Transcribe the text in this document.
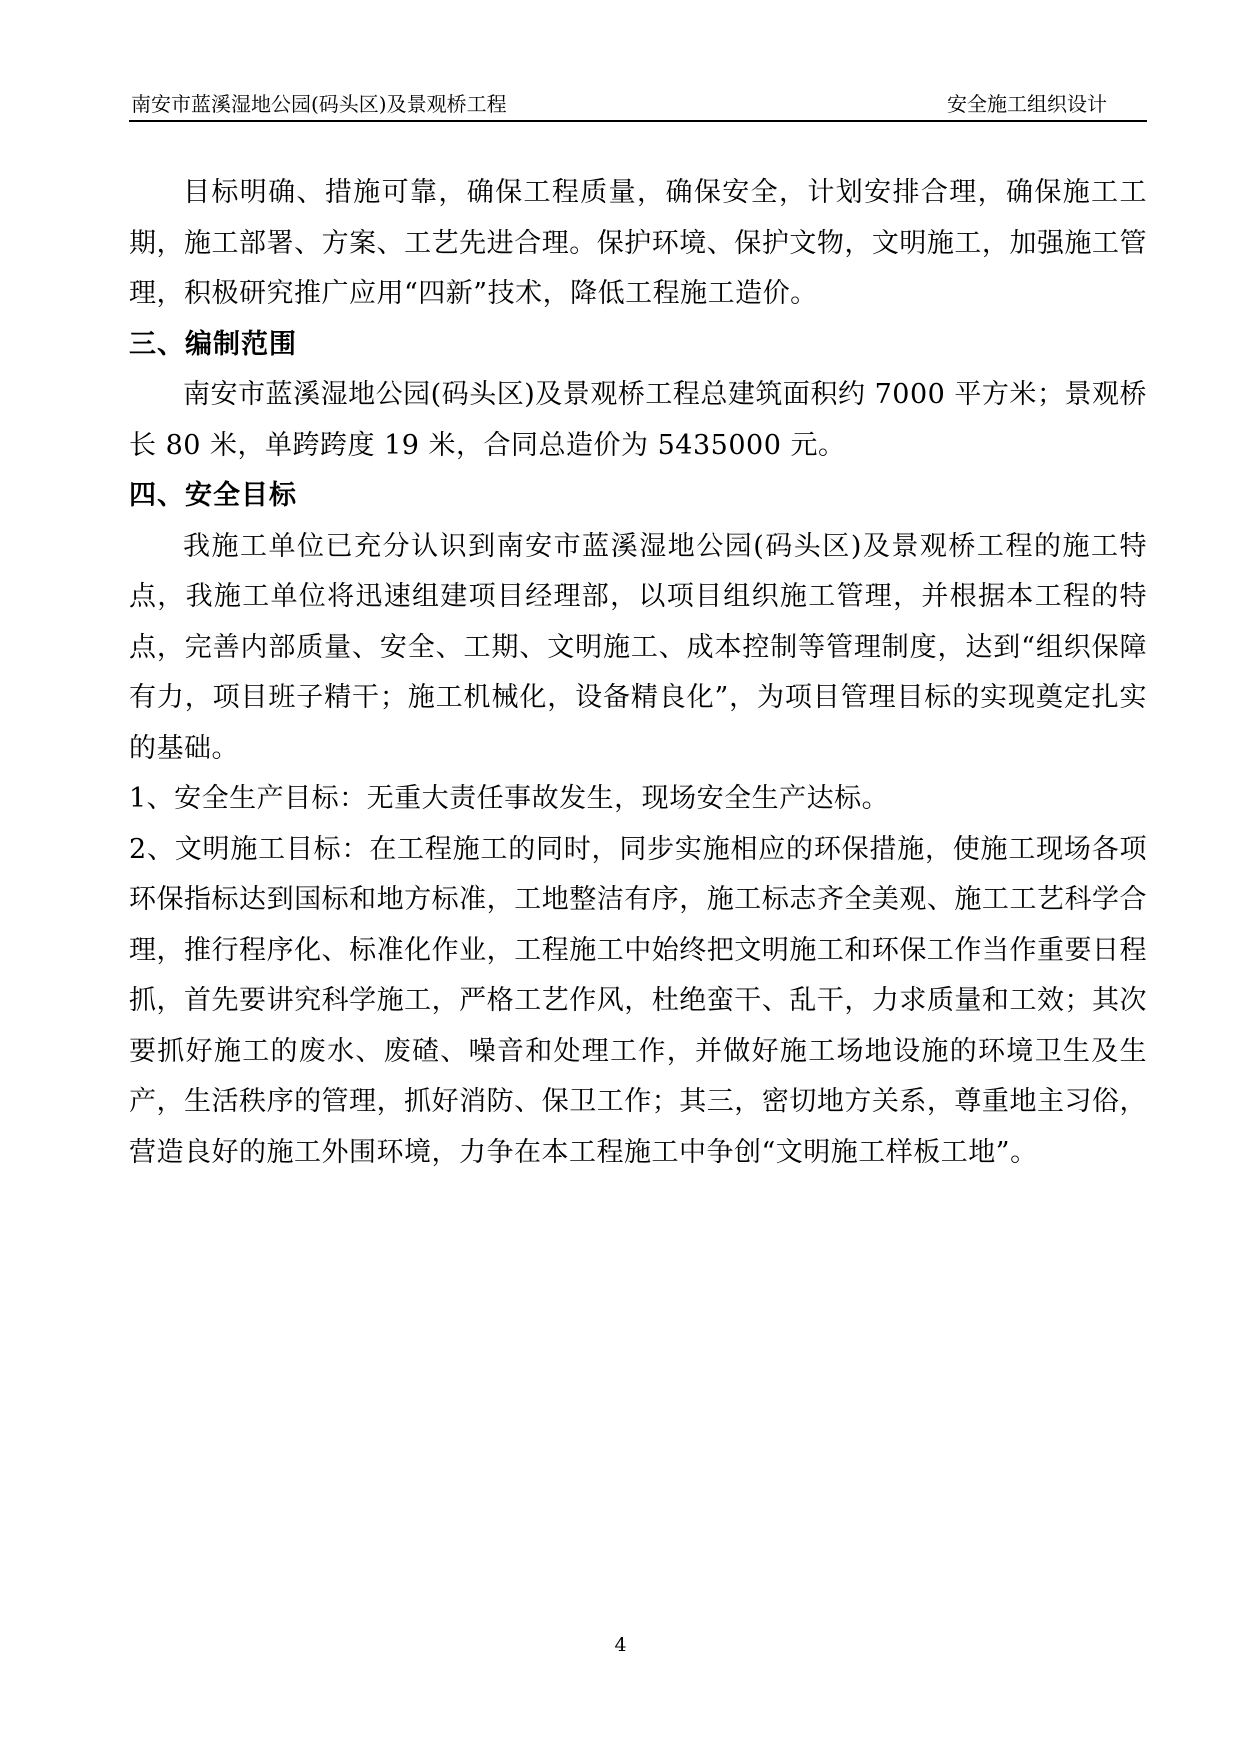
南安市蓝溪湿地公园(码头区)及景观桥工程	安全施工组织设计

目标明确、措施可靠，确保工程质量，确保安全，计划安排合理，确保施工工期，施工部署、方案、工艺先进合理。保护环境、保护文物，文明施工，加强施工管理，积极研究推广应用“四新”技术，降低工程施工造价。

三、编制范围

南安市蓝溪湿地公园(码头区)及景观桥工程总建筑面积约 7000 平方米；景观桥长 80 米，单跨跨度 19 米，合同总造价为 5435000 元。

四、安全目标

我施工单位已充分认识到南安市蓝溪湿地公园(码头区)及景观桥工程的施工特点，我施工单位将迅速组建项目经理部，以项目组织施工管理，并根据本工程的特点，完善内部质量、安全、工期、文明施工、成本控制等管理制度，达到“组织保障有力，项目班子精干；施工机械化，设备精良化”，为项目管理目标的实现奠定扎实的基础。

1、安全生产目标：无重大责任事故发生，现场安全生产达标。

2、文明施工目标：在工程施工的同时，同步实施相应的环保措施，使施工现场各项环保指标达到国标和地方标准，工地整洁有序，施工标志齐全美观、施工工艺科学合理，推行程序化、标准化作业，工程施工中始终把文明施工和环保工作当作重要日程抓，首先要讲究科学施工，严格工艺作风，杜绝蛮干、乱干，力求质量和工效；其次要抓好施工的废水、废碴、噪音和处理工作，并做好施工场地设施的环境卫生及生产，生活秩序的管理，抓好消防、保卫工作；其三，密切地方关系，尊重地主习俗，营造良好的施工外围环境，力争在本工程施工中争创“文明施工样板工地”。

4
